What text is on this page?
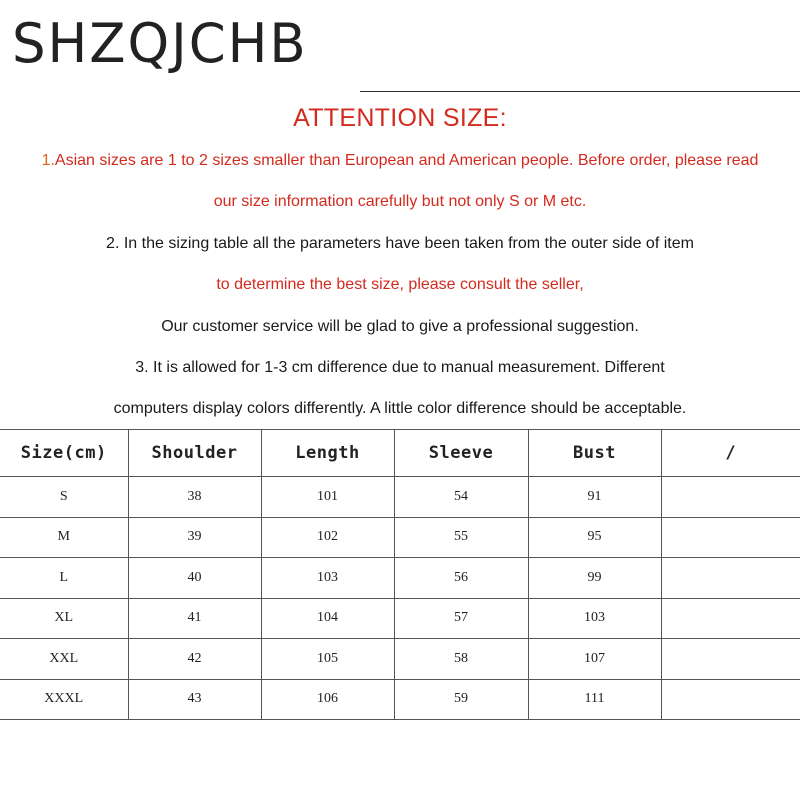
SHZQJCHB
ATTENTION SIZE:
1.Asian sizes are 1 to 2 sizes smaller than European and American people. Before order, please read
our size information carefully but not only S or M etc.
2. In the sizing table all the parameters have been taken from the outer side of item
to determine the best size, please consult the seller,
Our customer service will be glad to give a professional suggestion.
3. It is allowed for 1-3 cm difference due to manual measurement. Different
computers display colors differently. A little color difference should be acceptable.
Size(cm)	Shoulder	Length	Sleeve	Bust	/
S	38	101	54	91	
M	39	102	55	95	
L	40	103	56	99	
XL	41	104	57	103	
XXL	42	105	58	107	
XXXL	43	106	59	111	
